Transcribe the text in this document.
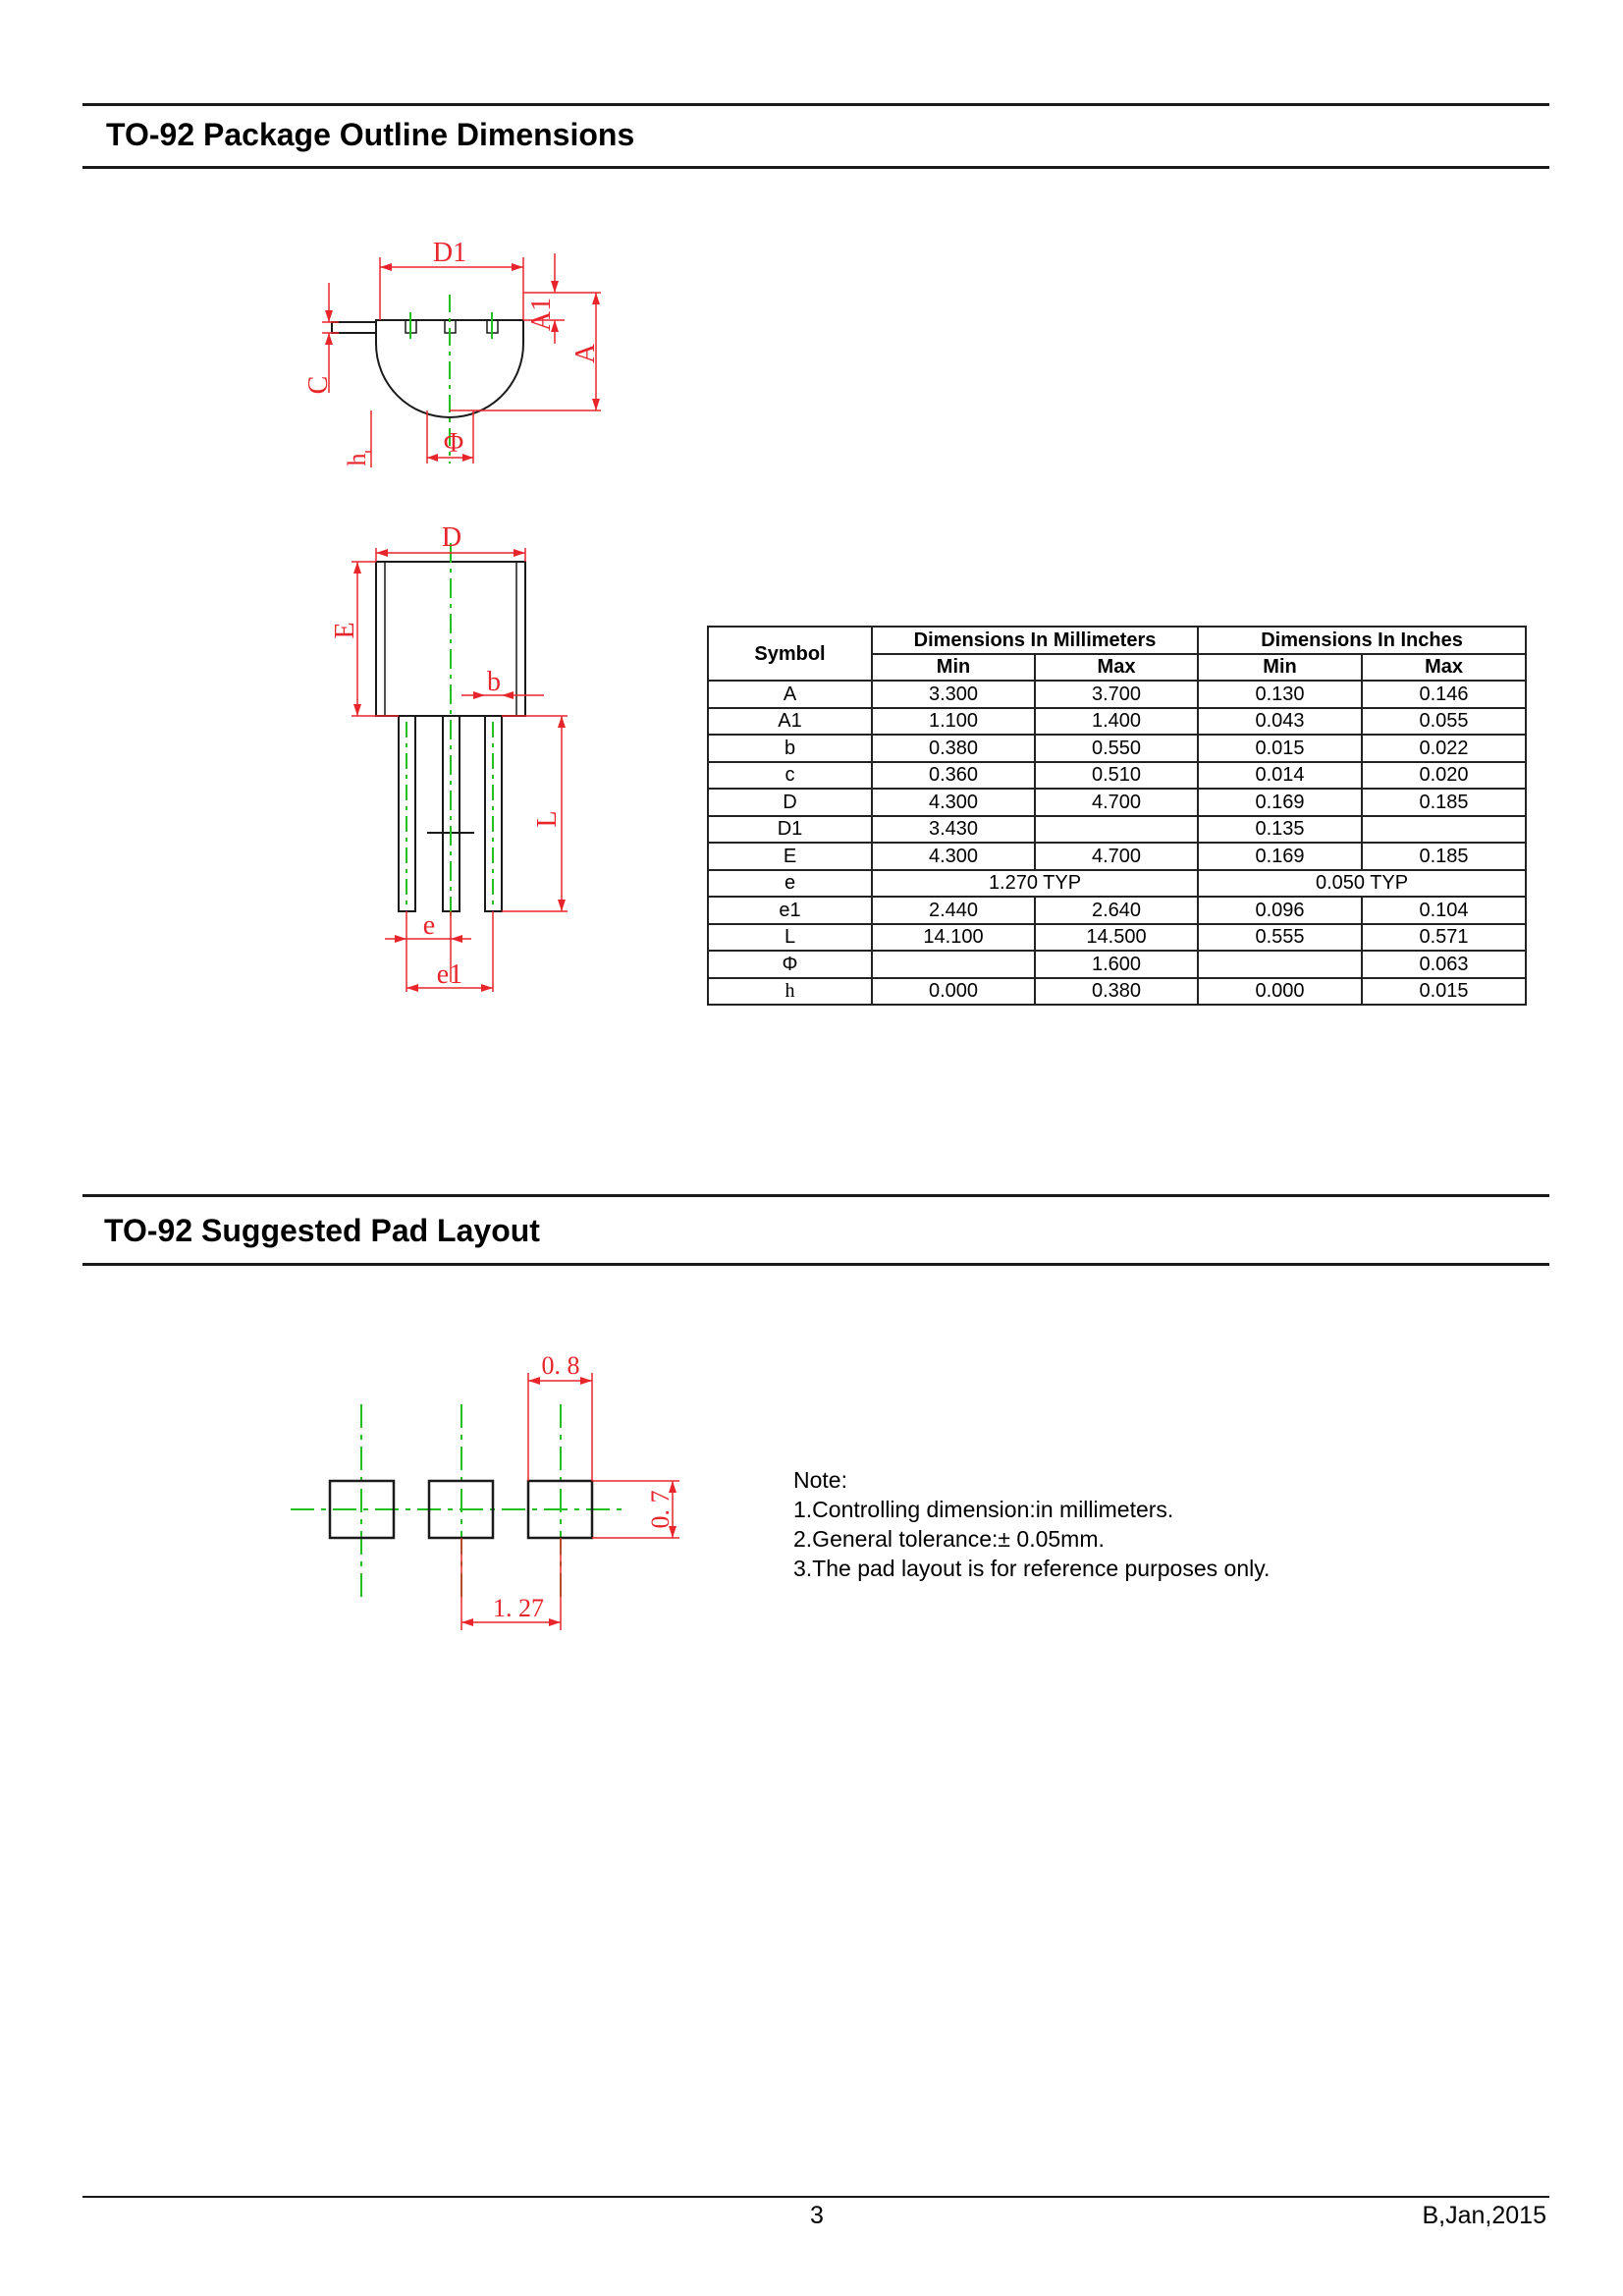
TO-92 Package Outline Dimensions
D1
A1
A
C
h
Φ
D
E
b
L
e
e1
Symbol	Dimensions In Millimeters		Dimensions In Inches	
	Min	Max	Min	Max
A	3.300	3.700	0.130	0.146
A1	1.100	1.400	0.043	0.055
b	0.380	0.550	0.015	0.022
c	0.360	0.510	0.014	0.020
D	4.300	4.700	0.169	0.185
D1	3.430		0.135	
E	4.300	4.700	0.169	0.185
e	1.270 TYP		0.050 TYP	
e1	2.440	2.640	0.096	0.104
L	14.100	14.500	0.555	0.571
Φ		1.600		0.063
h	0.000	0.380	0.000	0.015
TO-92 Suggested Pad Layout
0. 8
0. 7
1. 27
Note:
1.Controlling dimension:in millimeters.
2.General tolerance:± 0.05mm.
3.The pad layout is for reference purposes only.
3	B,Jan,2015
